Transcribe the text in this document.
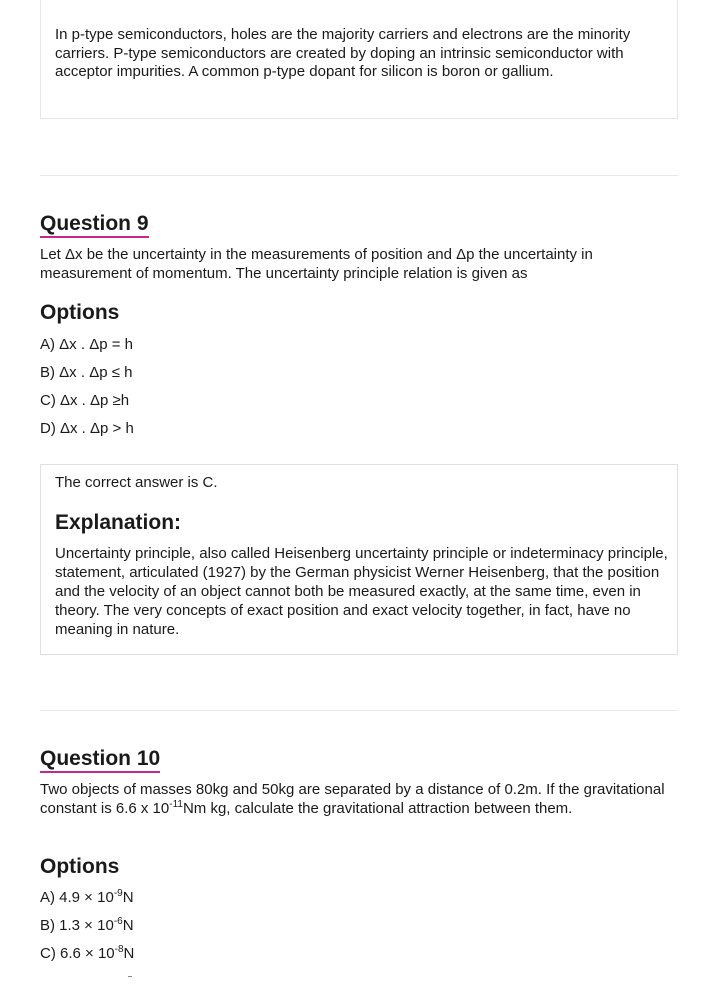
In p-type semiconductors, holes are the majority carriers and electrons are the minority carriers. P-type semiconductors are created by doping an intrinsic semiconductor with acceptor impurities. A common p-type dopant for silicon is boron or gallium.

Question 9

Let Δx be the uncertainty in the measurements of position and Δp the uncertainty in measurement of momentum. The uncertainty principle relation is given as

Options

A) Δx . Δp = h

B) Δx . Δp ≤ h

C) Δx . Δp ≥h

D) Δx . Δp > h

The correct answer is C.

Explanation:

Uncertainty principle, also called Heisenberg uncertainty principle or indeterminacy principle, statement, articulated (1927) by the German physicist Werner Heisenberg, that the position and the velocity of an object cannot both be measured exactly, at the same time, even in theory. The very concepts of exact position and exact velocity together, in fact, have no meaning in nature.

Question 10

Two objects of masses 80kg and 50kg are separated by a distance of 0.2m. If the gravitational constant is 6.6 x $10^{-11}Nm$ kg, calculate the gravitational attraction between them.

Options

A) $4.9 \times 10^{-9}N$

B) $1.3 \times 10^{-6}N$

C) $6.6 \times 10^{-8}N$
